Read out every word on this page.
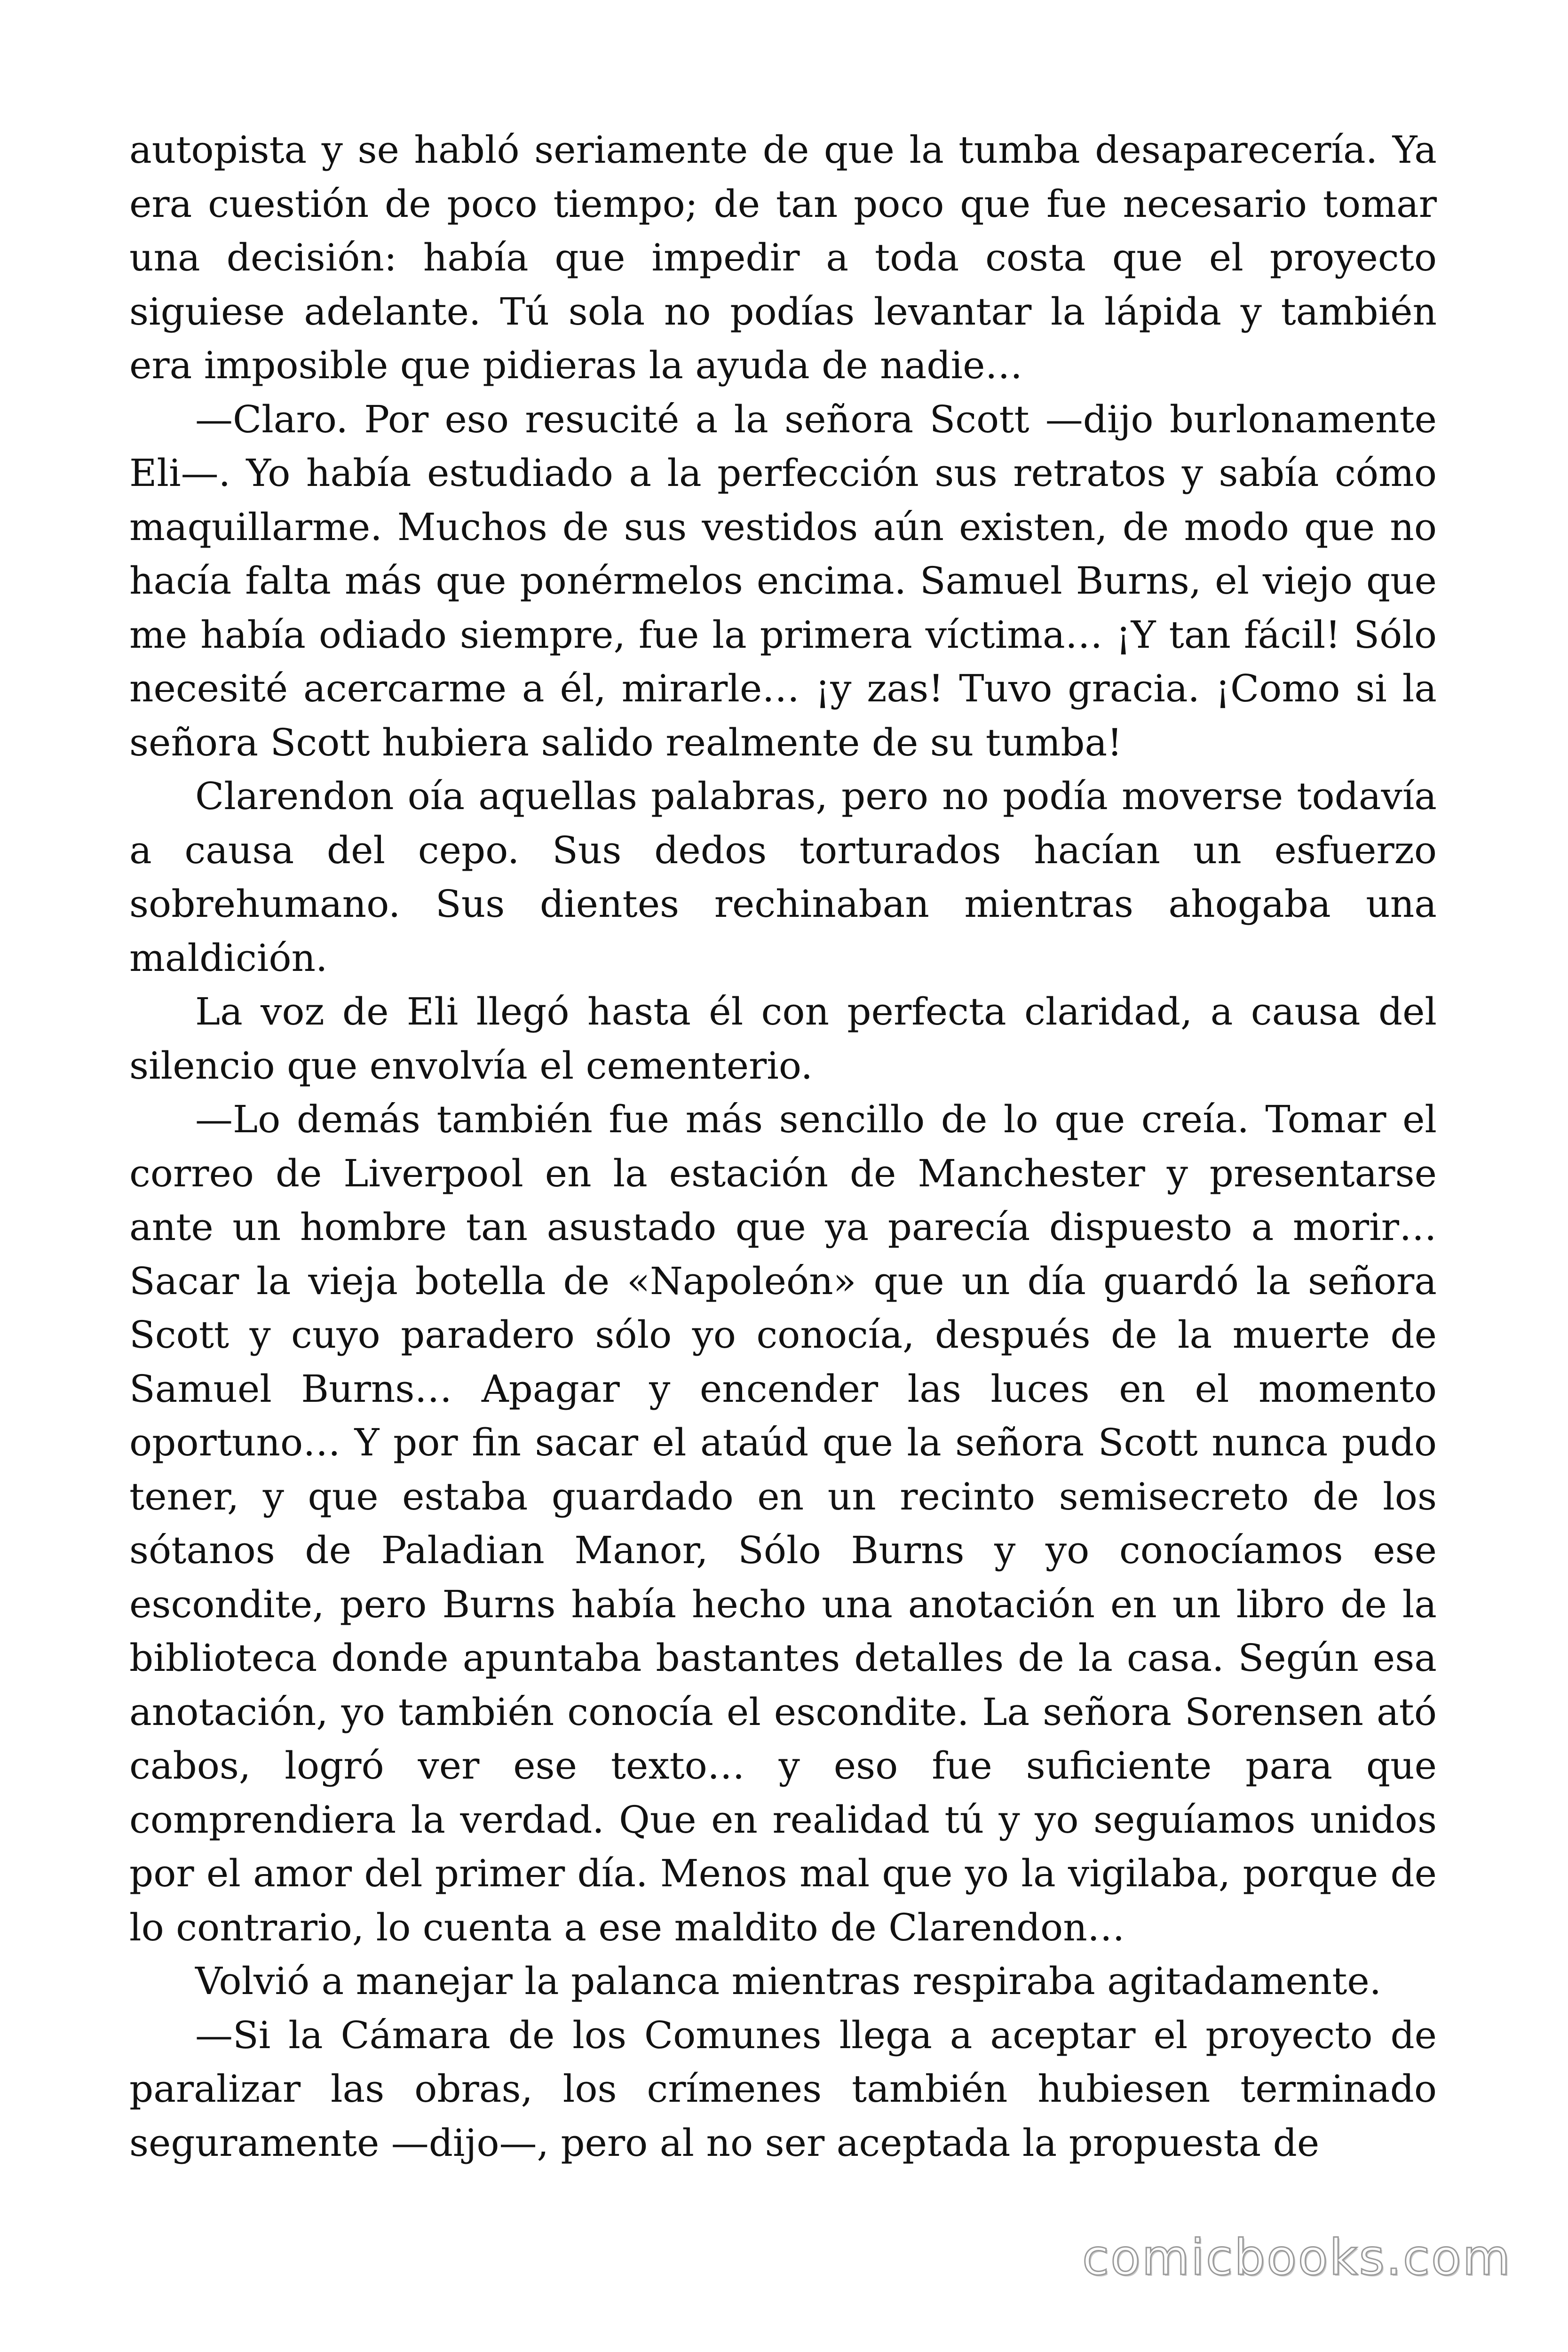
autopista y se habló seriamente de que la tumba desaparecería. Ya era cuestión de poco tiempo; de tan poco que fue necesario tomar una decisión: había que impedir a toda costa que el proyecto siguiese adelante. Tú sola no podías levantar la lápida y también era imposible que pidieras la ayuda de nadie…

—Claro. Por eso resucité a la señora Scott —dijo burlonamente Eli—. Yo había estudiado a la perfección sus retratos y sabía cómo maquillarme. Muchos de sus vestidos aún existen, de modo que no hacía falta más que ponérmelos encima. Samuel Burns, el viejo que me había odiado siempre, fue la primera víctima… ¡Y tan fácil! Sólo necesité acercarme a él, mirarle… ¡y zas! Tuvo gracia. ¡Como si la señora Scott hubiera salido realmente de su tumba!

Clarendon oía aquellas palabras, pero no podía moverse todavía a causa del cepo. Sus dedos torturados hacían un esfuerzo sobrehumano. Sus dientes rechinaban mientras ahogaba una maldición.

La voz de Eli llegó hasta él con perfecta claridad, a causa del silencio que envolvía el cementerio.

—Lo demás también fue más sencillo de lo que creía. Tomar el correo de Liverpool en la estación de Manchester y presentarse ante un hombre tan asustado que ya parecía dispuesto a morir… Sacar la vieja botella de «Napoleón» que un día guardó la señora Scott y cuyo paradero sólo yo conocía, después de la muerte de Samuel Burns… Apagar y encender las luces en el momento oportuno… Y por fin sacar el ataúd que la señora Scott nunca pudo tener, y que estaba guardado en un recinto semisecreto de los sótanos de Paladian Manor, Sólo Burns y yo conocíamos ese escondite, pero Burns había hecho una anotación en un libro de la biblioteca donde apuntaba bastantes detalles de la casa. Según esa anotación, yo también conocía el escondite. La señora Sorensen ató cabos, logró ver ese texto… y eso fue suficiente para que comprendiera la verdad. Que en realidad tú y yo seguíamos unidos por el amor del primer día. Menos mal que yo la vigilaba, porque de lo contrario, lo cuenta a ese maldito de Clarendon…

Volvió a manejar la palanca mientras respiraba agitadamente.

—Si la Cámara de los Comunes llega a aceptar el proyecto de paralizar las obras, los crímenes también hubiesen terminado seguramente —dijo—, pero al no ser aceptada la propuesta de

comicbooks.com
